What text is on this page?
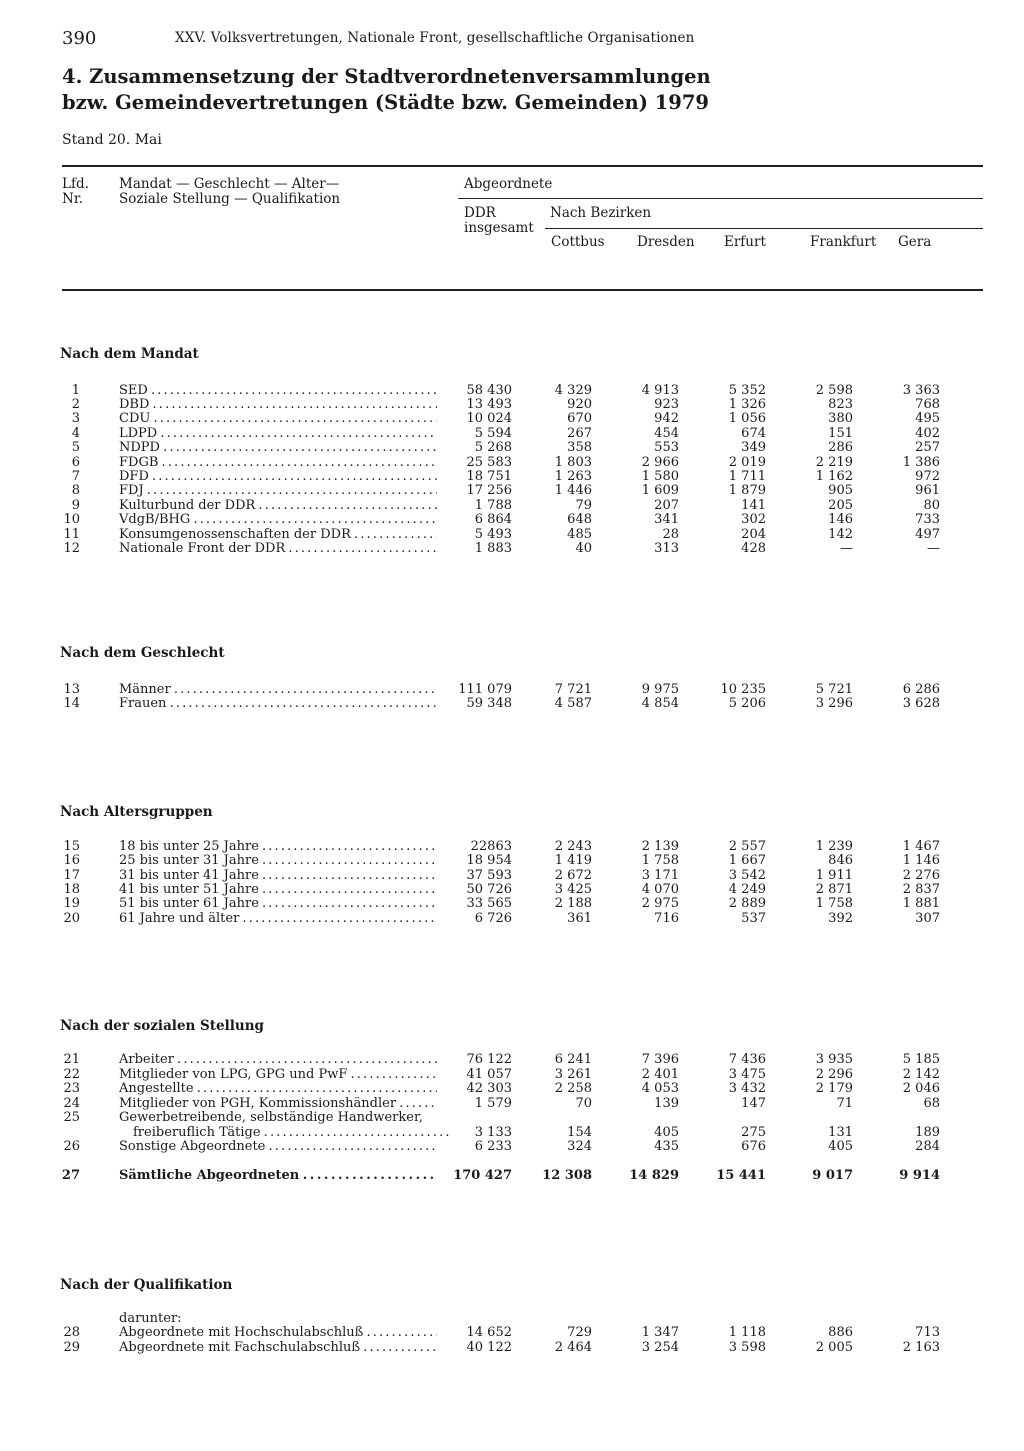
390	XXV. Volksvertretungen, Nationale Front, gesellschaftliche Organisationen
4. Zusammensetzung der Stadtverordnetenversammlungen
bzw. Gemeindevertretungen (Städte bzw. Gemeinden) 1979
Stand 20. Mai
Lfd.
Nr.
Mandat — Geschlecht — Alter—
Soziale Stellung — Qualifikation
Abgeordnete
DDR
insgesamt
Nach Bezirken
Cottbus Dresden Erfurt	Frankfurt Gera
Nach dem Mandat
Nach dem Geschlecht
Nach Altersgruppen
Nach der sozialen Stellung
Nach der Qualifikation
1	SED . . .	58 430	4 329	4 913	5 352	2 598	3 363
2	DBD . . .	13 493	920	923	1 326	823	768
3	CDU . . .	10 024	670	942	1 056	380	495
4	LDPD . . .	5 594	267	454	674	151	402
5	NDPD . . .	5 268	358	553	349	286	257
6	FDGB . . .	25 583	1 803	2 966	2 019	2 219	1 386
7	DFD . . .	18 751	1 263	1 580	1 711	1 162	972
8	FDJ . . .	17 256	1 446	1 609	1 879	905	961
9	Kulturbund der DDR . . .	1 788	79	207	141	205	80
10	VdgB/BHG . . .	6 864	648	341	302	146	733
11	Konsumgenossenschaften der DDR . . .	5 493	485	28	204	142	497
12	Nationale Front der DDR . . .	1 883	40	313	428	—	—
13	Männer . . .	111 079	7 721	9 975	10 235	5 721	6 286
14	Frauen . . .	59 348	4 587	4 854	5 206	3 296	3 628
15	18 bis unter 25 Jahre . . .	22863	2 243	2 139	2 557	1 239	1 467
16	25 bis unter 31 Jahre . . .	18 954	1 419	1 758	1 667	846	1 146
17	31 bis unter 41 Jahre . . .	37 593	2 672	3 171	3 542	1 911	2 276
18	41 bis unter 51 Jahre . . .	50 726	3 425	4 070	4 249	2 871	2 837
19	51 bis unter 61 Jahre . . .	33 565	2 188	2 975	2 889	1 758	1 881
20	61 Jahre und älter . . .	6 726	361	716	537	392	307
21	Arbeiter . . .	76 122	6 241	7 396	7 436	3 935	5 185
22	Mitglieder von LPG, GPG und PwF . . .	41 057	3 261	2 401	3 475	2 296	2 142
23	Angestellte . . .	42 303	2 258	4 053	3 432	2 179	2 046
24	Mitglieder von PGH, Kommissionshändler . . .	1 579	70	139	147	71	68
25	Gewerbetreibende, selbständige Handwerker,
freiberuflich Tätige . . .	3 133	154	405	275	131	189
26	Sonstige Abgeordnete . . .	6 233	324	435	676	405	284
27	Sämtliche Abgeordneten . . .	170 427	12 308	14 829	15 441	9 017	9 914
darunter:
28	Abgeordnete mit Hochschulabschluß . . .	14 652	729	1 347	1 118	886	713
29	Abgeordnete mit Fachschulabschluß . . .	40 122	2 464	3 254	3 598	2 005	2 163
